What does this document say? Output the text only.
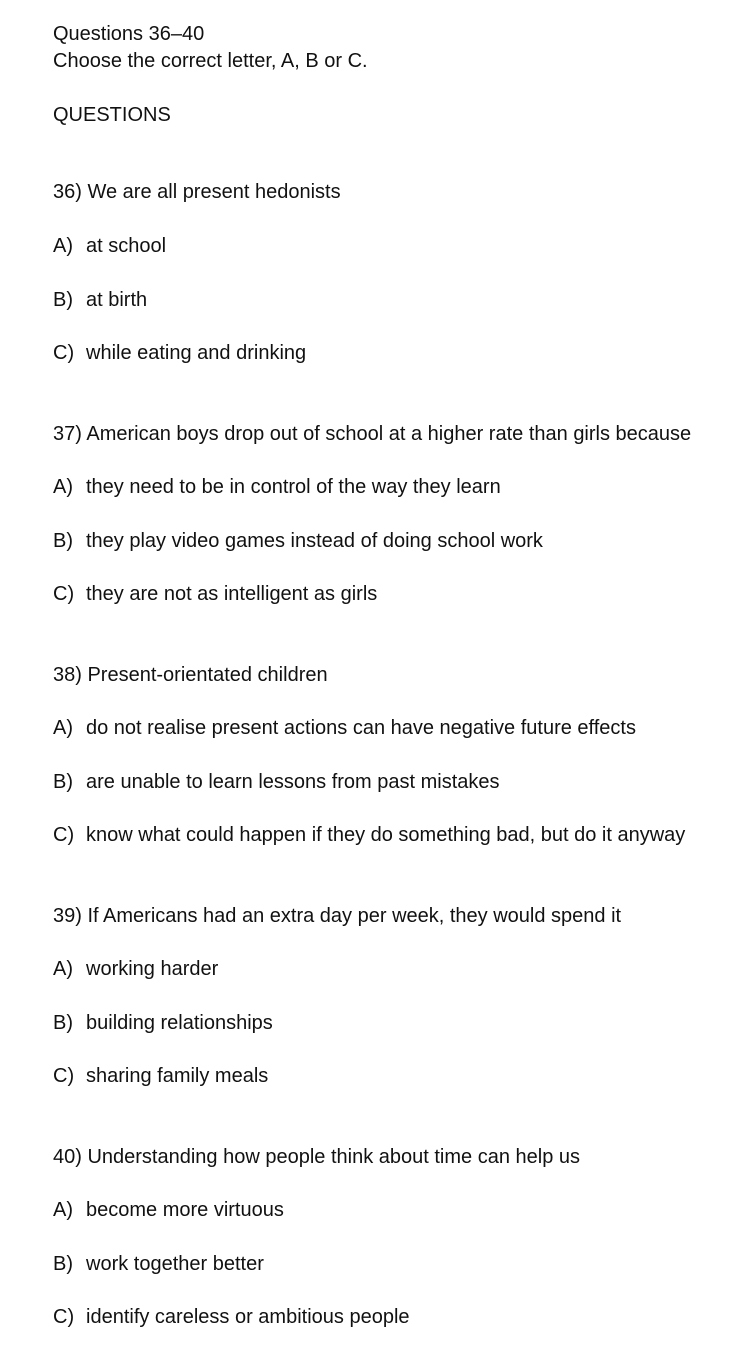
Questions 36–40
Choose the correct letter, A, B or C.
QUESTIONS
36) We are all present hedonists
A) at school
B) at birth
C) while eating and drinking
37) American boys drop out of school at a higher rate than girls because
A) they need to be in control of the way they learn
B) they play video games instead of doing school work
C) they are not as intelligent as girls
38) Present-orientated children
A) do not realise present actions can have negative future effects
B) are unable to learn lessons from past mistakes
C) know what could happen if they do something bad, but do it anyway
39) If Americans had an extra day per week, they would spend it
A) working harder
B) building relationships
C) sharing family meals
40) Understanding how people think about time can help us
A) become more virtuous
B) work together better
C) identify careless or ambitious people
